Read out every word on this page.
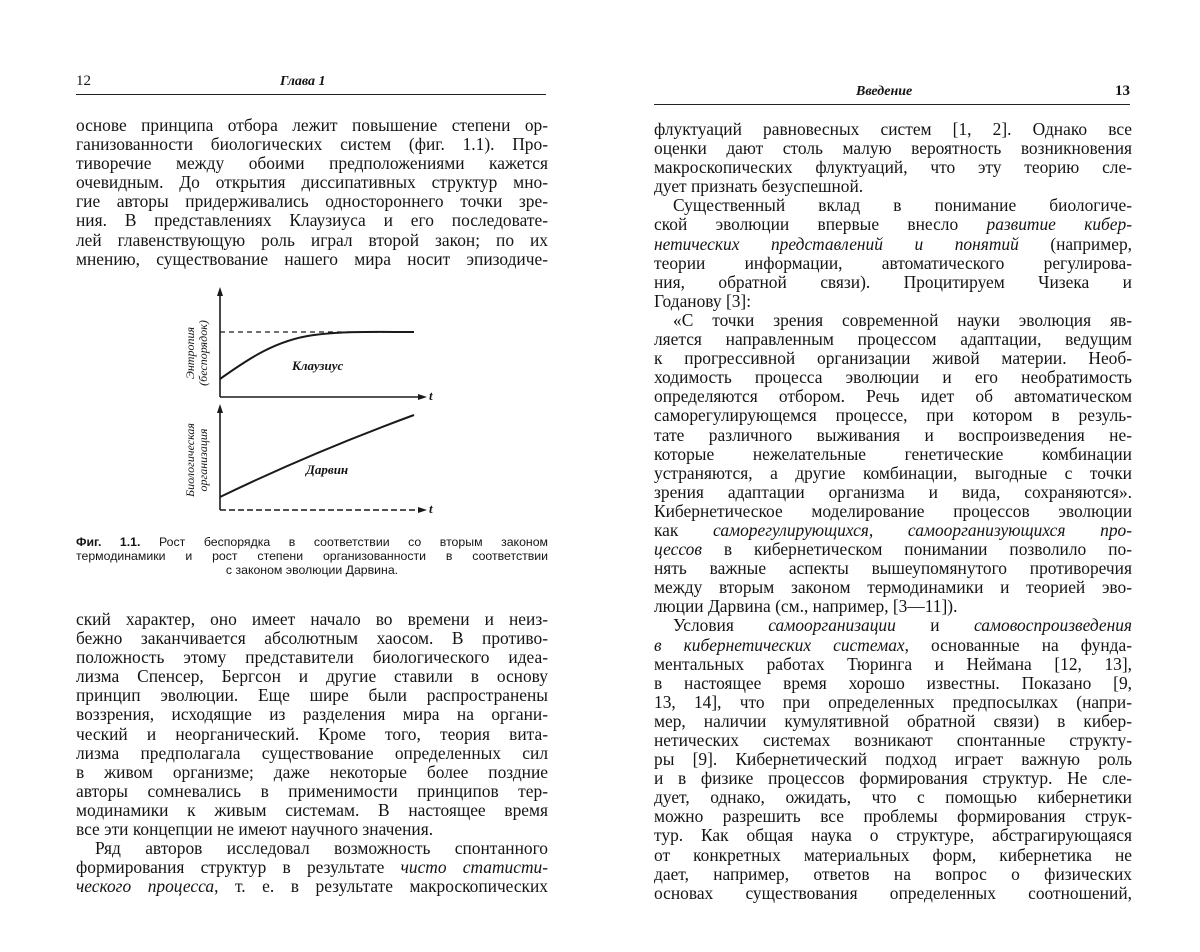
12	Глава 1
основе принципа отбора лежит повышение степени ор-
ганизованности биологических систем (фиг. 1.1). Про-
тиворечие между обоими предположениями кажется
очевидным. До открытия диссипативных структур мно-
гие авторы придерживались одностороннего точки зре-
ния. В представлениях Клаузиуса и его последовате-
лей главенствующую роль играл второй закон; по их
мнению, существование нашего мира носит эпизодиче-
Энтропия
(беспорядок)	Клаузиус
t
Биологическая
организация	Дарвин
t
Фиг. 1.1. Рост беспорядка в соответствии со вторым законом
термодинамики и рост степени организованности в соответствии
с законом эволюции Дарвина.
ский характер, оно имеет начало во времени и неиз-
бежно заканчивается абсолютным хаосом. В противо-
положность этому представители биологического идеа-
лизма Спенсер, Бергсон и другие ставили в основу
принцип эволюции. Еще шире были распространены
воззрения, исходящие из разделения мира на органи-
ческий и неорганический. Кроме того, теория вита-
лизма предполагала существование определенных сил
в живом организме; даже некоторые более поздние
авторы сомневались в применимости принципов тер-
модинамики к живым системам. В настоящее время
все эти концепции не имеют научного значения.
Ряд авторов исследовал возможность спонтанного
формирования структур в результате чисто статисти-
ческого процесса, т. е. в результате макроскопических
Введение	13
флуктуаций равновесных систем [1, 2]. Однако все
оценки дают столь малую вероятность возникновения
макроскопических флуктуаций, что эту теорию сле-
дует признать безуспешной.
Существенный вклад в понимание биологиче-
ской эволюции впервые внесло развитие кибер-
нетических представлений и понятий (например,
теории информации, автоматического регулирова-
ния, обратной связи). Процитируем Чизека и
Годанову [3]:
«С точки зрения современной науки эволюция яв-
ляется направленным процессом адаптации, ведущим
к прогрессивной организации живой материи. Необ-
ходимость процесса эволюции и его необратимость
определяются отбором. Речь идет об автоматическом
саморегулирующемся процессе, при котором в резуль-
тате различного выживания и воспроизведения не-
которые нежелательные генетические комбинации
устраняются, а другие комбинации, выгодные с точки
зрения адаптации организма и вида, сохраняются».
Кибернетическое моделирование процессов эволюции
как саморегулирующихся, самоорганизующихся про-
цессов в кибернетическом понимании позволило по-
нять важные аспекты вышеупомянутого противоречия
между вторым законом термодинамики и теорией эво-
люции Дарвина (см., например, [3—11]).
Условия самоорганизации и самовоспроизведения
в кибернетических системах, основанные на фунда-
ментальных работах Тюринга и Неймана [12, 13],
в настоящее время хорошо известны. Показано [9,
13, 14], что при определенных предпосылках (напри-
мер, наличии кумулятивной обратной связи) в кибер-
нетических системах возникают спонтанные структу-
ры [9]. Кибернетический подход играет важную роль
и в физике процессов формирования структур. Не сле-
дует, однако, ожидать, что с помощью кибернетики
можно разрешить все проблемы формирования струк-
тур. Как общая наука о структуре, абстрагирующаяся
от конкретных материальных форм, кибернетика не
дает, например, ответов на вопрос о физических
основах существования определенных соотношений,
